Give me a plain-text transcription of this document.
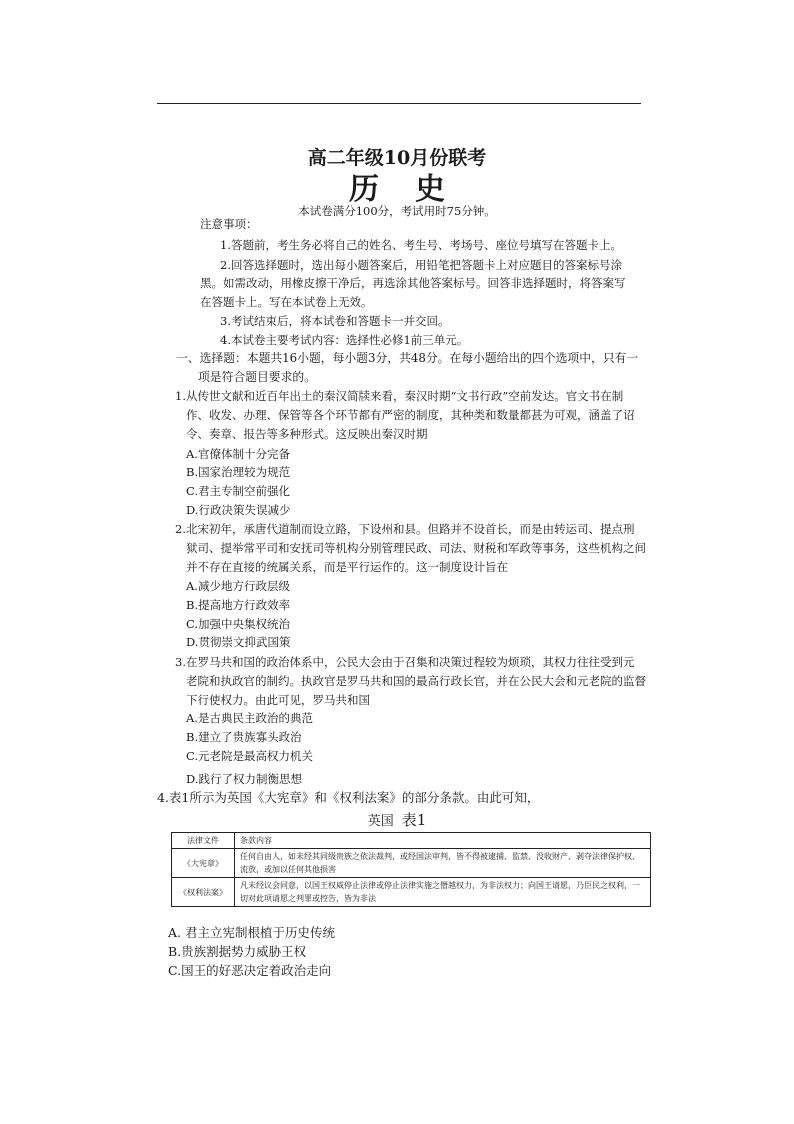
高二年级10月份联考
历史
本试卷满分100分，考试用时75分钟。
注意事项：
1.答题前，考生务必将自己的姓名、考生号、考场号、座位号填写在答题卡上。
2.回答选择题时，选出每小题答案后，用铅笔把答题卡上对应题目的答案标号涂
黑。如需改动，用橡皮擦干净后，再选涂其他答案标号。回答非选择题时，将答案写
在答题卡上。写在本试卷上无效。
3.考试结束后，将本试卷和答题卡一并交回。
4.本试卷主要考试内容：选择性必修1前三单元。
一、选择题：本题共16小题，每小题3分，共48分。在每小题给出的四个选项中，只有一
项是符合题目要求的。
1.从传世文献和近百年出土的秦汉简牍来看，秦汉时期“文书行政”空前发达。官文书在制
作、收发、办理、保管等各个环节都有严密的制度，其种类和数量都甚为可观，涵盖了诏
令、奏章、报告等多种形式。这反映出秦汉时期
A.官僚体制十分完备
B.国家治理较为规范
C.君主专制空前强化
D.行政决策失误减少
2.北宋初年，承唐代道制而设立路，下设州和县。但路并不设首长，而是由转运司、提点刑
狱司、提举常平司和安抚司等机构分别管理民政、司法、财税和军政等事务，这些机构之间
并不存在直接的统属关系，而是平行运作的。这一制度设计旨在
A.减少地方行政层级
B.提高地方行政效率
C.加强中央集权统治
D.贯彻崇文抑武国策
3.在罗马共和国的政治体系中，公民大会由于召集和决策过程较为烦琐，其权力往往受到元
老院和执政官的制约。执政官是罗马共和国的最高行政长官，并在公民大会和元老院的监督
下行使权力。由此可见，罗马共和国
A.是古典民主政治的典范
B.建立了贵族寡头政治
C.元老院是最高权力机关
D.践行了权力制衡思想
4.表1所示为英国《大宪章》和《权利法案》的部分条款。由此可知，
英国 表1
法律文件	条款内容
《大宪章》	任何自由人，如未经其同级贵族之依法裁判，或经国法审判，皆不得被逮捕、监禁、没收财产、剥夺法律保护权、流放，或加以任何其他损害
《权利法案》	凡未经议会同意，以国王权威停止法律或停止法律实施之僭越权力，为非法权力；向国王请愿，乃臣民之权利，一切对此项请愿之判罪或控告，皆为非法
A. 君主立宪制根植于历史传统
B.贵族割据势力威胁王权
C.国王的好恶决定着政治走向
